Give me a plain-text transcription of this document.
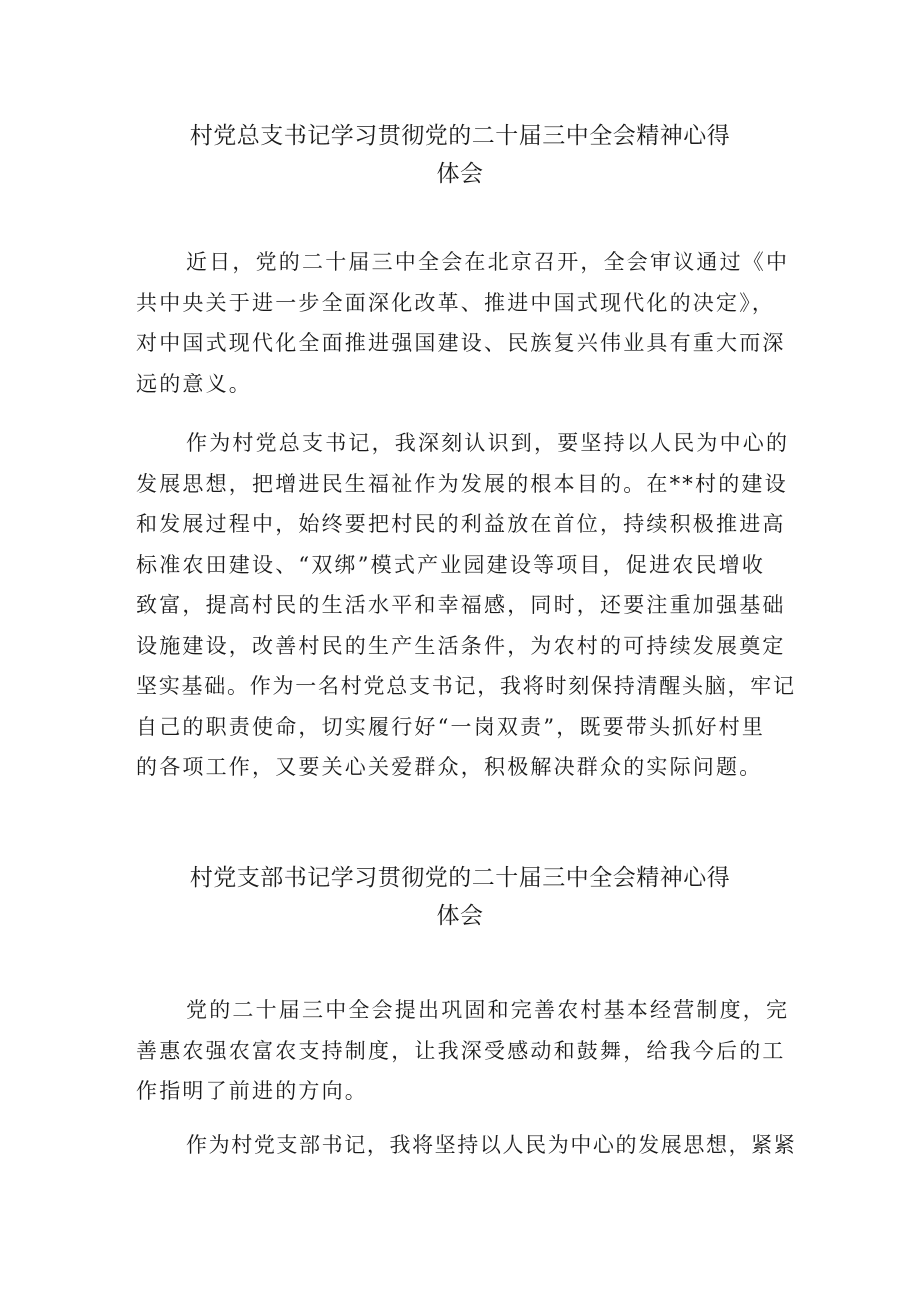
村党总支书记学习贯彻党的二十届三中全会精神心得
体会
近日，党的二十届三中全会在北京召开，全会审议通过《中
共中央关于进一步全面深化改革、推进中国式现代化的决定》，
对中国式现代化全面推进强国建设、民族复兴伟业具有重大而深
远的意义。
作为村党总支书记，我深刻认识到，要坚持以人民为中心的
发展思想，把增进民生福祉作为发展的根本目的。在**村的建设
和发展过程中，始终要把村民的利益放在首位，持续积极推进高
标准农田建设、“双绑”模式产业园建设等项目，促进农民增收
致富，提高村民的生活水平和幸福感，同时，还要注重加强基础
设施建设，改善村民的生产生活条件，为农村的可持续发展奠定
坚实基础。作为一名村党总支书记，我将时刻保持清醒头脑，牢记
自己的职责使命，切实履行好“一岗双责”，既要带头抓好村里
的各项工作，又要关心关爱群众，积极解决群众的实际问题。
村党支部书记学习贯彻党的二十届三中全会精神心得
体会
党的二十届三中全会提出巩固和完善农村基本经营制度，完
善惠农强农富农支持制度，让我深受感动和鼓舞，给我今后的工
作指明了前进的方向。
作为村党支部书记，我将坚持以人民为中心的发展思想，紧紧
